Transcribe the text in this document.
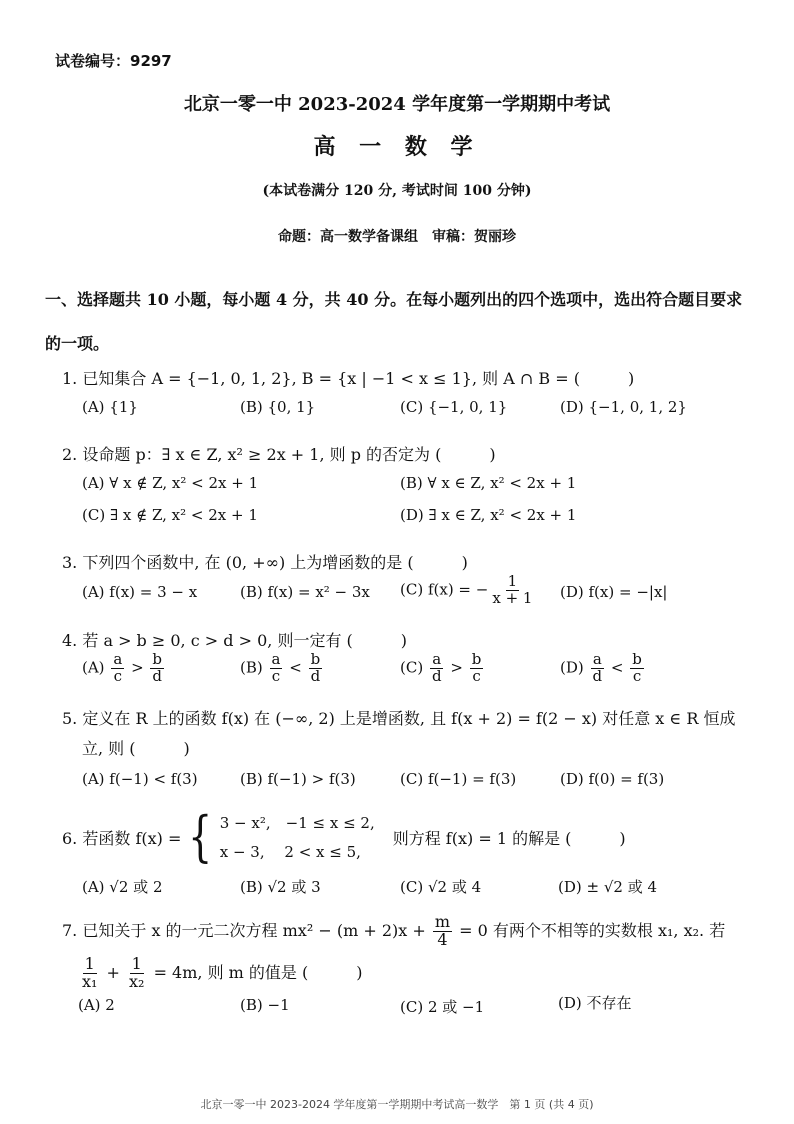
试卷编号：9297
北京一零一中 2023-2024 学年度第一学期期中考试
高 一 数 学
(本试卷满分 120 分, 考试时间 100 分钟)
命题：高一数学备课组　审稿：贺丽珍
一、选择题共 10 小题，每小题 4 分，共 40 分。在每小题列出的四个选项中，选出符合题目要求的一项。
1. 已知集合 A = {−1, 0, 1, 2}, B = {x | −1 < x ≤ 1}, 则 A ∩ B = (　　　)
(A) {1}	(B) {0, 1}	(C) {−1, 0, 1}	(D) {−1, 0, 1, 2}
2. 设命题 p：∃ x ∈ Z, x² ≥ 2x + 1, 则 p 的否定为 (　　　)
(A) ∀ x ∉ Z, x² < 2x + 1	(B) ∀ x ∈ Z, x² < 2x + 1
(C) ∃ x ∉ Z, x² < 2x + 1	(D) ∃ x ∈ Z, x² < 2x + 1
3. 下列四个函数中, 在 (0, +∞) 上为增函数的是 (　　　)
(A) f(x) = 3 − x	(B) f(x) = x² − 3x (C) f(x) = − $\frac{1}{x + 1} (D) f(x) = -|x|$
4. 若 a > b ≥ 0, c > d > 0, 则一定有 (　　　)
$(A) \frac{a}{c} > \frac{b}{d}$	$(B) \frac{a}{c} < \frac{b}{d}$	$(C) \frac{a}{d} > \frac{b}{c}$	$(D) \frac{a}{d} < \frac{b}{c}$
5. 定义在 R 上的函数 f(x) 在 (−∞, 2) 上是增函数, 且 f(x + 2) = f(2 − x) 对任意 x ∈ R 恒成
立, 则 (　　　)
(A) f(−1) < f(3)	(B) f(−1) > f(3)	(C) f(−1) = f(3)	(D) f(0) = f(3)
6. 若函数 f(x) = { 3 − x²,　−1 ≤ x ≤ 2,
x − 3,　 2 < x ≤ 5,
则方程 f(x) = 1 的解是 (　　　)
(A) √2 或 2	(B) √2 或 3	(C) √2 或 4	(D) ± √2 或 4
7. 已知关于 x 的一元二次方程 $mx^2 - (m + 2)x + \frac{m}{4} = 0$ 有两个不相等的实数根 x₁, x₂. 若
$\frac{1}{\text{x₁}} + \frac{1}{\text{x₂}} = 4m$, 则 m 的值是 (　　　)
(A) 2	(B) −1	(C) 2 或 −1	(D) 不存在
北京一零一中 2023-2024 学年度第一学期期中考试高一数学　第 1 页 (共 4 页)
